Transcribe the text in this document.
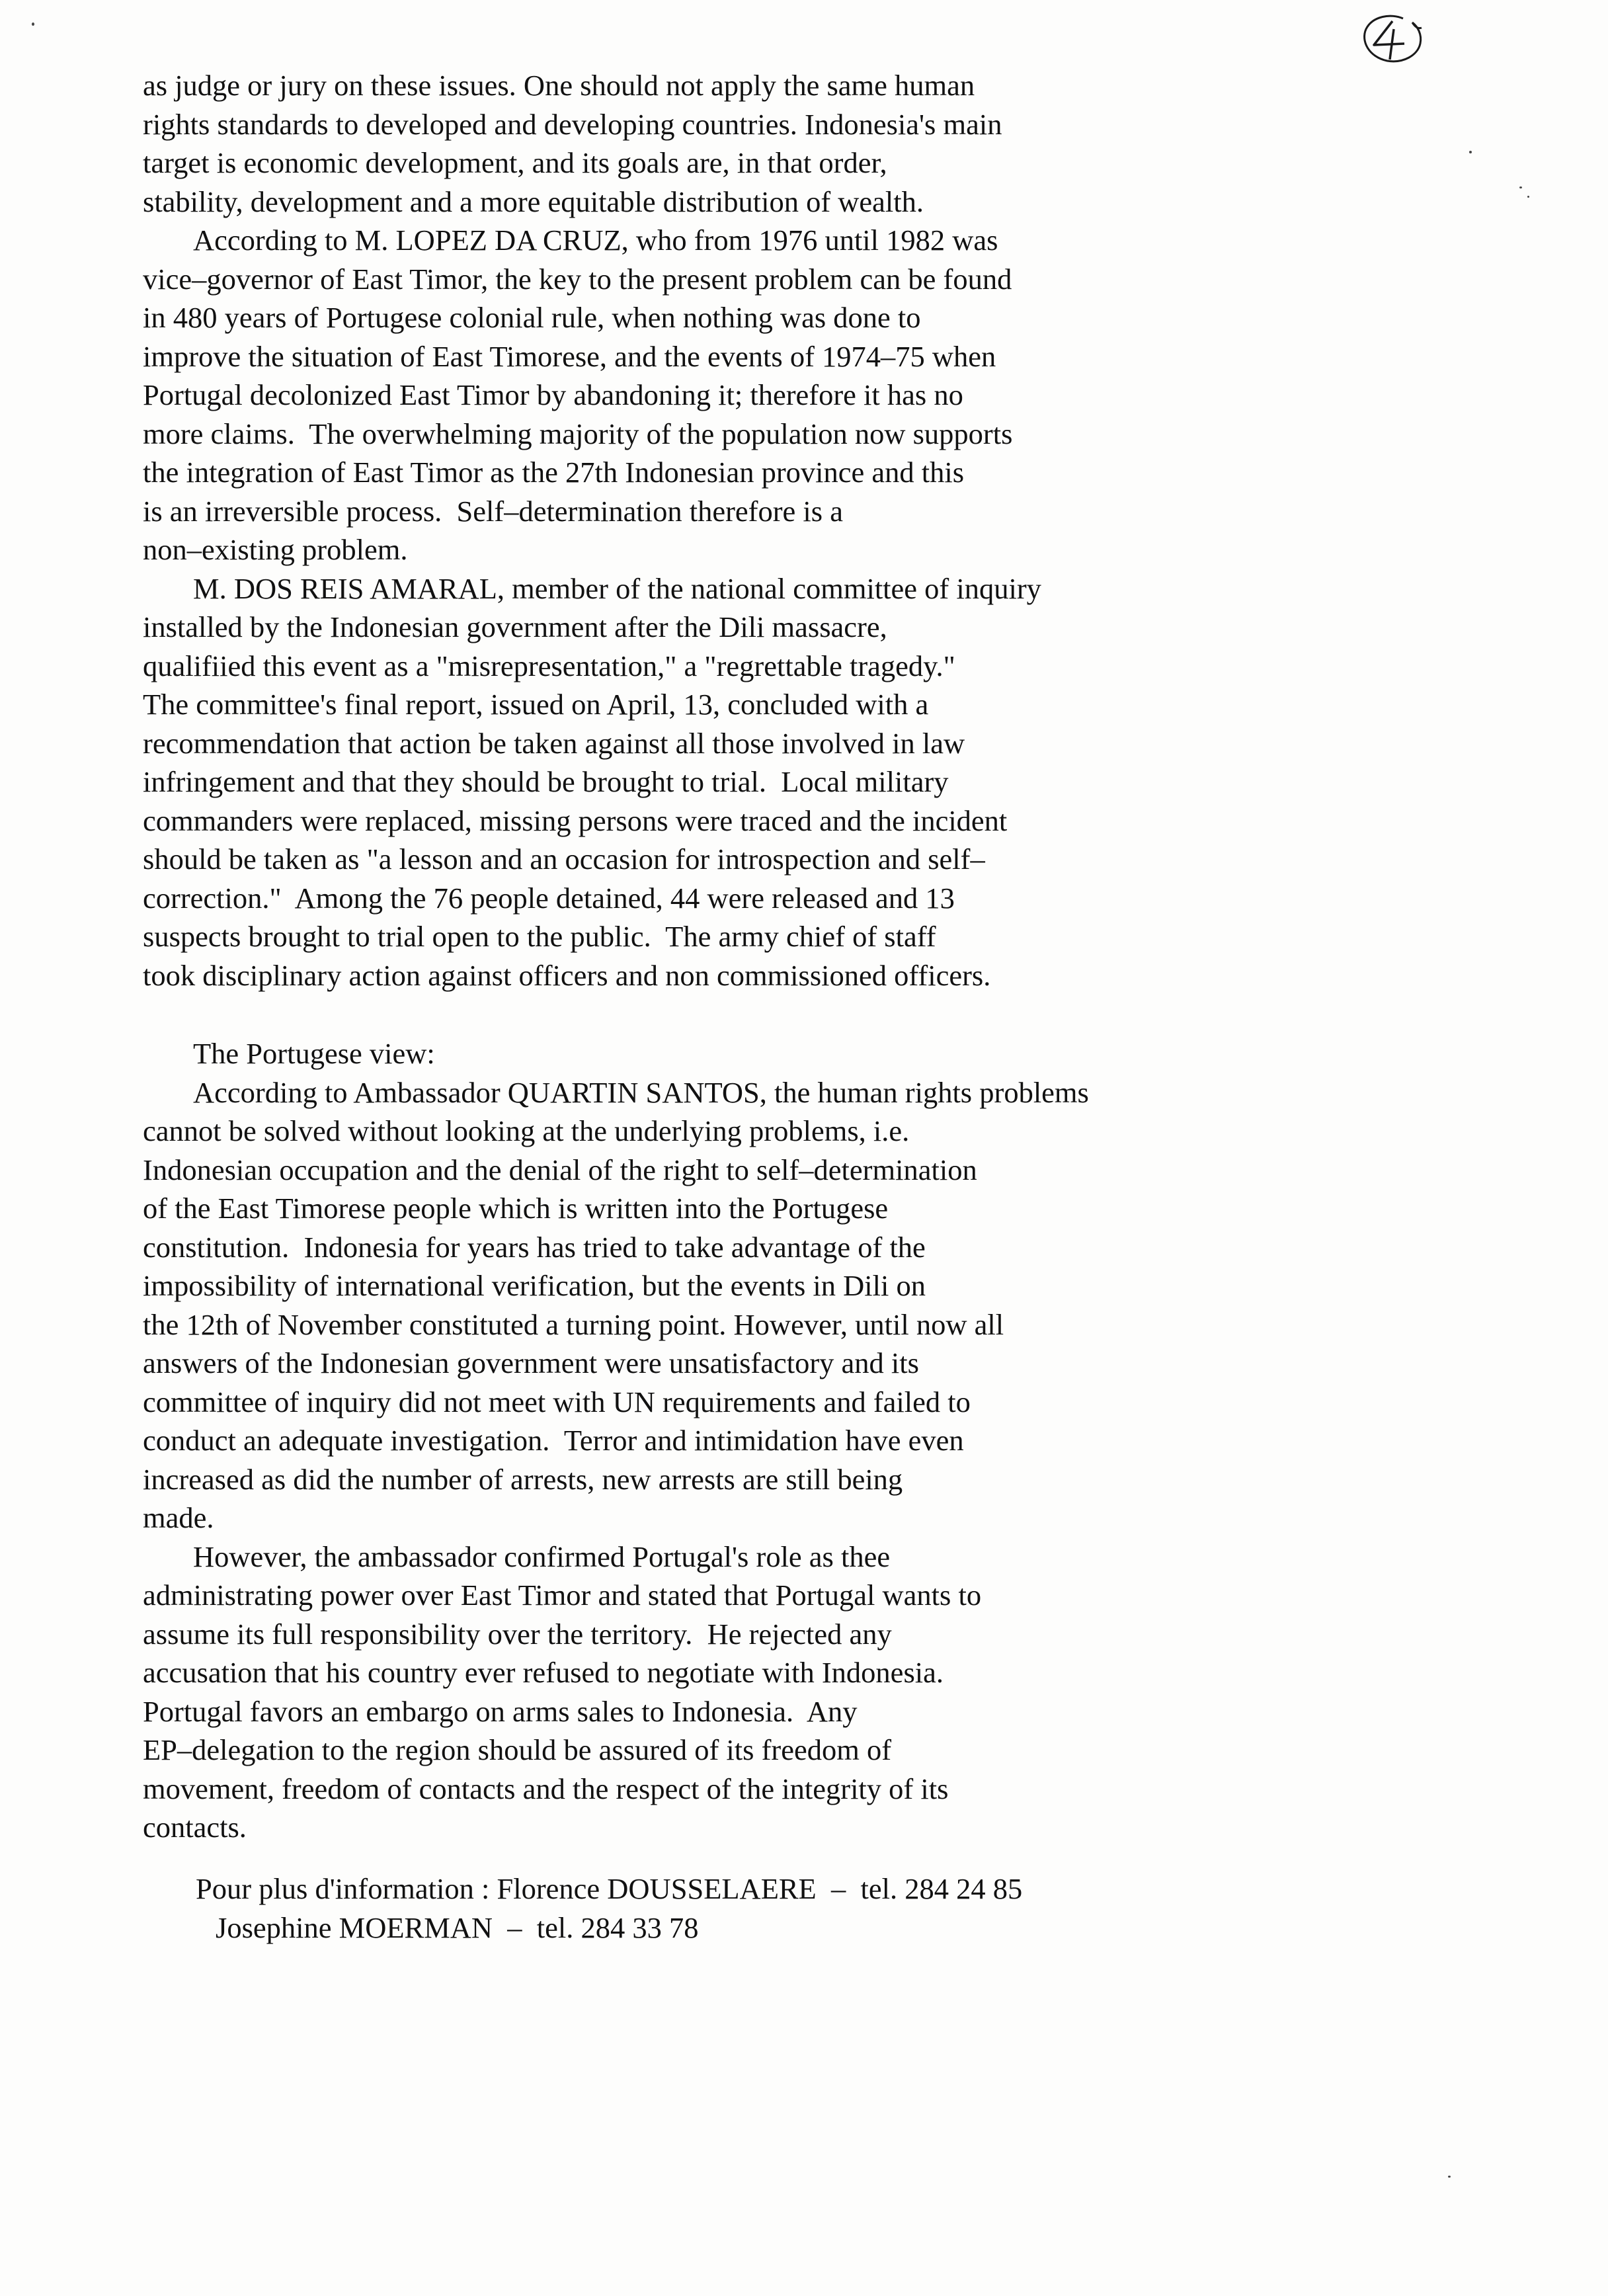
as judge or jury on these issues. One should not apply the same human
rights standards to developed and developing countries. Indonesia's main
target is economic development, and its goals are, in that order,
stability, development and a more equitable distribution of wealth.
According to M. LOPEZ DA CRUZ, who from 1976 until 1982 was
vice–governor of East Timor, the key to the present problem can be found
in 480 years of Portugese colonial rule, when nothing was done to
improve the situation of East Timorese, and the events of 1974–75 when
Portugal decolonized East Timor by abandoning it; therefore it has no
more claims.  The overwhelming majority of the population now supports
the integration of East Timor as the 27th Indonesian province and this
is an irreversible process.  Self–determination therefore is a
non–existing problem.
M. DOS REIS AMARAL, member of the national committee of inquiry
installed by the Indonesian government after the Dili massacre,
qualifiied this event as a "misrepresentation," a "regrettable tragedy."
The committee's final report, issued on April, 13, concluded with a
recommendation that action be taken against all those involved in law
infringement and that they should be brought to trial.  Local military
commanders were replaced, missing persons were traced and the incident
should be taken as "a lesson and an occasion for introspection and self–
correction."  Among the 76 people detained, 44 were released and 13
suspects brought to trial open to the public.  The army chief of staff
took disciplinary action against officers and non commissioned officers.
The Portugese view:
According to Ambassador QUARTIN SANTOS, the human rights problems
cannot be solved without looking at the underlying problems, i.e.
Indonesian occupation and the denial of the right to self–determination
of the East Timorese people which is written into the Portugese
constitution.  Indonesia for years has tried to take advantage of the
impossibility of international verification, but the events in Dili on
the 12th of November constituted a turning point. However, until now all
answers of the Indonesian government were unsatisfactory and its
committee of inquiry did not meet with UN requirements and failed to
conduct an adequate investigation.  Terror and intimidation have even
increased as did the number of arrests, new arrests are still being
made.
However, the ambassador confirmed Portugal's role as thee
administrating power over East Timor and stated that Portugal wants to
assume its full responsibility over the territory.  He rejected any
accusation that his country ever refused to negotiate with Indonesia.
Portugal favors an embargo on arms sales to Indonesia.  Any
EP–delegation to the region should be assured of its freedom of
movement, freedom of contacts and the respect of the integrity of its
contacts.
Pour plus d'information : Florence DOUSSELAERE  –  tel. 284 24 85
Josephine MOERMAN  –  tel. 284 33 78
